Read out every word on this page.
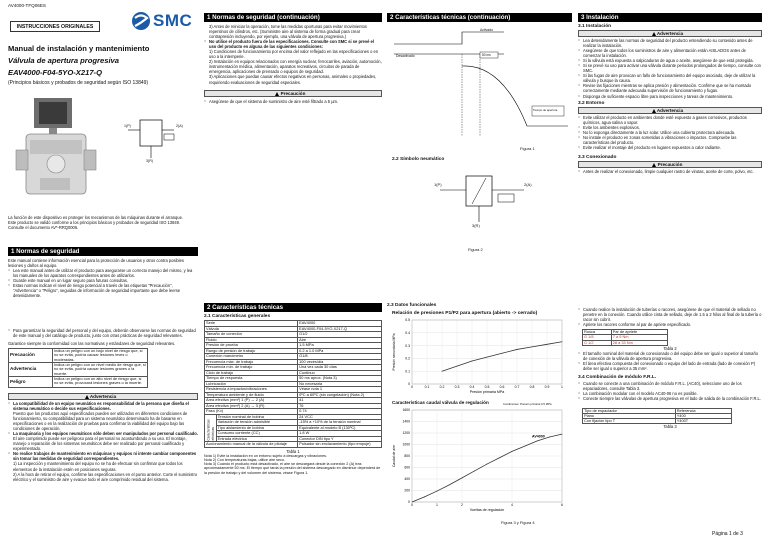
AV4000-TFQ06ES
INSTRUCCIONES ORIGINALES	SMC
Manual de instalación y mantenimiento
Válvula de apertura progresiva
EAV4000-F04-5YO-X217-Q
(Principios básicos y probados de seguridad según ISO 13849)
1(P)	2(A)
3(R)
La función de este dispositivo es proteger los mecanismos de las máquinas durante el arranque.
Este producto se validó conforme a los principios básicos y probados de seguridad ISO 13849.
Consulte el documento AV*-RRQ0006.
1 Normas de seguridad
Este manual contiene información esencial para la protección de usuarios y otros contra posibles lesiones y daños al equipo.
○ Lea este manual antes de utilizar el producto para asegurarse un correcto manejo del mismo, y lea los manuales de los aparatos correspondientes antes de utilizarlos.
○ Guarde este manual en un lugar seguro para futuras consultas.
○ Estas normas indican el nivel de riesgo potencial a través de las etiquetas "Precaución", "Advertencia" o "Peligro", seguidas de información de seguridad importante que debe leerse detenidamente.
○ Para garantizar la seguridad del personal y del equipo, deberán observarse las normas de seguridad de este manual y del catálogo de producto, junto con otras prácticas de seguridad relevantes.
Garantice siempre la conformidad con las normativas y estándares de seguridad relevantes.
Precaución	Indica un peligro con un bajo nivel de riesgo que, si no se evita, podría causar lesiones leves o moderadas.
Advertencia	Indica un peligro con un nivel medio de riesgo que, si no se evita, podría causar lesiones graves o la muerte.
Peligro	Indica un peligro con un alto nivel de riesgo que, si no se evita, provocará lesiones graves o la muerte.
Advertencia
○ La compatibilidad de un equipo neumático es responsabilidad de la persona que diseña el sistema neumático o decide sus especificaciones.
Puesto que los productos aquí especificados pueden ser utilizados en diferentes condiciones de funcionamiento, su compatibilidad para un sistema neumático determinado ha de basarse en especificaciones o en la realización de pruebas para confirmar la viabilidad del equipo bajo las condiciones de operación.
○ La maquinaria y los equipos neumáticos sólo deben ser manipulados por personal cualificado.
El aire comprimido puede ser peligroso para el personal no acostumbrado a su uso. El montaje, manejo o reparación de los sistemas neumáticos debe ser realizado por personal cualificado y experimentado.
○ No realice trabajos de mantenimiento en máquinas y equipos ni intente cambiar componentes sin tomar las medidas de seguridad correspondientes.
1) La inspección y mantenimiento del equipo no se ha de efectuar sin confirmar que todos los elementos de la instalación estén en posiciones seguras.
2) A la hora de retirar el equipo, confirme las especificaciones en el punto anterior. Corte el suministro eléctrico y el suministro de aire y evacue todo el aire comprimido residual del sistema.
1 Normas de seguridad (continuación)
3) Antes de reiniciar la operación, tome las medidas oportunas para evitar movimientos repentinos de cilindros, etc. (Suministre aire al sistema de forma gradual para crear contrapresión incluyendo, por ejemplo, una válvula de apertura progresiva.)
○ No utilice el producto fuera de las especificaciones. Consulte con SMC si se prevé el uso del producto en alguna de las siguientes condiciones:
1) Condiciones de funcionamiento por encima del valor reflejado en las especificaciones o en uso a la intemperie.
2) Instalación en equipos relacionados con energía nuclear, ferrocarriles, aviación, automoción, instrumentación médica, alimentación, aparatos recreativos, circuitos de parada de emergencia, aplicaciones de prensado o equipos de seguridad.
3) Aplicaciones que puedan causar efectos negativos en personas, animales o propiedades, requiriendo evaluaciones de seguridad especiales.
Precaución
○ Asegúrese de que el sistema de suministro de aire esté filtrado a 5 µm.
2 Características técnicas
2.1 Características generales
Serie		EAV4000
Válvula		EAV4000-F04-5YO-X217-Q
Tamaño de conexión		G1/2
Fluido		Aire
Presión de prueba		1.5 MPa
Rango de presión de trabajo		0.2 a 1.0 MPa
Conexión manómetro		G1/8
Frecuencia máx. de trabajo		100 veces/día
Frecuencia mín. de trabajo		Una vez cada 30 días
Ciclo de trabajo		Continuo
Tiempo de respuesta		50 ms aprox. (Nota 3)
Lubricación		No necesaria
Resistencia a impactos/vibraciones		Véase nota 1
Temperatura ambiente y de fluido		0ºC a 60ºC (sin congelación) (Nota 2)
Área efectiva (mm²) 1 (P) → 2 (A)		41
Área efectiva (mm²) 2 (A) → 3 (R)		76
Paso (Kv)		0.74
Características eléctricas	Tensión nominal de bobina	24 VCC
	Variación de tensión admisible	-15% a +10% de la tensión nominal
	Tipo aislamiento de bobina	Equivalente al modelo B (130ºC)
	Consumo corriente (CC)	1.8 W
	Entrada eléctrica	Conector DIN tipo Y
Accionamiento manual de la válvula de pilotaje		Pulsador sin enclavamiento (tipo empuje)
Tabla 1
Nota 1) Evite la instalación en un entorno sujeto a descargas y vibraciones.
Nota 2) Con temperaturas bajas, utilice aire seco.
Nota 3) Cuando el producto está desactivado, el aire se descargará desde la conexión 2 (A) tras aproximadamente 50 ms. El tiempo que tarda la presión del sistema descargado en disminuir dependerá de la presión de trabajo y del volumen del sistema, véase Figura 1.
2 Características técnicas (continuación)
Activado
Desactivado	50 ms
Tiempo de apertura
Figura 1
2.2 Símbolo neumático
1(P)	2(A)
3(R)
Figura 2
2.3 Datos funcionales
Relación de presiones P1/P2 para apertura (abierto -> cerrado)
0
0.1
0.2
0.3
0.4
0.5
0	0.1	0.2	0.3	0.4	0.5	0.6	0.7	0.8	0.9	1
Presión primaria MPa
Presión secundaria MPa
Características caudal válvula de regulación	Condiciones: Presión primaria 0.5 MPa
0
200
400
600
800
1000
1200
1400
1600
0	1	2	4	6
Vueltas de regulación
Caudal de aire
AV4000
Figura 3 y Figura 4
3 Instalación
3.1 Instalación
Advertencia
○ Lea detenidamente las normas de seguridad del producto entendiendo su contenido antes de realizar la instalación.
○ Asegúrese de que todos los suministros de aire y alimentación están AISLADOS antes de comenzar la instalación.
○ Si la válvula está expuesta a salpicaduras de agua o aceite, asegúrese de que está protegida.
○ Si se prevé su uso para activar una válvula durante periodos prolongados de tiempo, consulte con SMC.
○ Si las fugas de aire provocan un fallo de funcionamiento del equipo asociado, deje de utilizar la válvula y busque la causa.
○ Revise las fijaciones mientras se aplica presión y alimentación. Confirme que se ha montado correctamente mediante adecuada supervisión de funcionamiento y fugas.
○ Disponga de suficiente espacio libre para inspecciones y tareas de mantenimiento.
3.2 Entorno
Advertencia
○ Evite utilizar el producto en ambientes donde esté expuesto a gases corrosivos, productos químicos, agua salina o vapor.
○ Evite los ambientes explosivos.
○ No lo exponga directamente a la luz solar. Utilice una cubierta protectora adecuada.
○ No instale el producto en zonas sometidas a vibraciones o impactos. Compruebe las características del producto.
○ Evite realizar el montaje del producto en lugares expuestos a calor radiante.
3.3 Conexionado
Precaución
○ Antes de realizar el conexionado, limpie cualquier rastro de virutas, aceite de corte, polvo, etc.
○ Cuando realice la instalación de tuberías o racores, asegúrese de que el material de sellado no penetre en la conexión. Cuando utilice cinta de sellado, deje de 1.5 a 2 hilos al final de la tubería o racor sin cubrir.
○ Apriete los racores conforme al par de apriete especificado.
Rosca	Par de apriete
G 1/8	7 a 9 Nm
G 1/2	28 a 33 Nm
Tabla 2
○ El tamaño nominal del material de conexionado o del equipo debe ser igual o superior al tamaño de conexión de la válvula de apertura progresiva.
○ El área efectiva compuesta del conexionado o equipo del lado de entrada (lado de conexión P) debe ser igual o superior a 35 mm².
3.4 Combinación de módulo F.R.L.
○ Cuando se conecte a una combinación de módulo F.R.L. (AC40), seleccione uno de los espaciadores, consulte Tabla 3.
○ La combinación modular con el modelo AC40-06 no es posible.
○ Conecte siempre las válvulas de apertura progresiva en el lado de salida de la combinación F.R.L.
Tipo de espaciador	Referencia
Plano	Y400
Con fijación tipo T	Y400T
Tabla 3
Página 1 de 3
